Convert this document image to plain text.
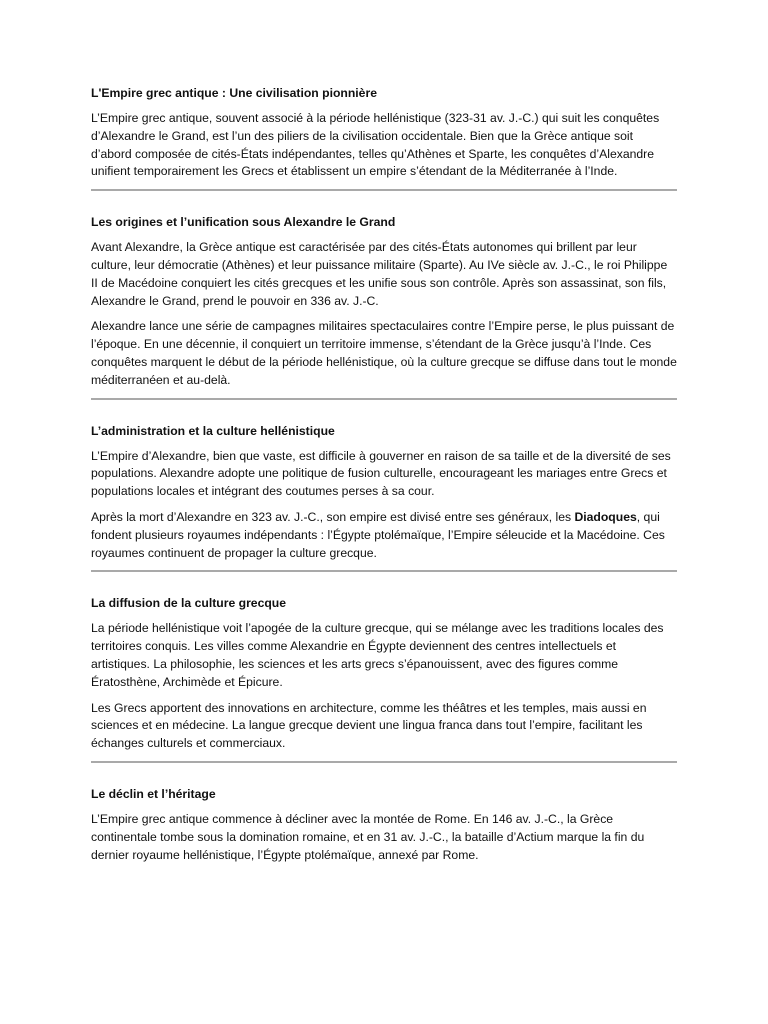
L'Empire grec antique : Une civilisation pionnière

L’Empire grec antique, souvent associé à la période hellénistique (323-31 av. J.-C.) qui suit les conquêtes d’Alexandre le Grand, est l’un des piliers de la civilisation occidentale. Bien que la Grèce antique soit d’abord composée de cités-États indépendantes, telles qu’Athènes et Sparte, les conquêtes d’Alexandre unifient temporairement les Grecs et établissent un empire s’étendant de la Méditerranée à l’Inde.

Les origines et l’unification sous Alexandre le Grand

Avant Alexandre, la Grèce antique est caractérisée par des cités-États autonomes qui brillent par leur culture, leur démocratie (Athènes) et leur puissance militaire (Sparte). Au IVe siècle av. J.-C., le roi Philippe II de Macédoine conquiert les cités grecques et les unifie sous son contrôle. Après son assassinat, son fils, Alexandre le Grand, prend le pouvoir en 336 av. J.-C.

Alexandre lance une série de campagnes militaires spectaculaires contre l’Empire perse, le plus puissant de l’époque. En une décennie, il conquiert un territoire immense, s’étendant de la Grèce jusqu’à l’Inde. Ces conquêtes marquent le début de la période hellénistique, où la culture grecque se diffuse dans tout le monde méditerranéen et au-delà.

L’administration et la culture hellénistique

L’Empire d’Alexandre, bien que vaste, est difficile à gouverner en raison de sa taille et de la diversité de ses populations. Alexandre adopte une politique de fusion culturelle, encourageant les mariages entre Grecs et populations locales et intégrant des coutumes perses à sa cour.

Après la mort d’Alexandre en 323 av. J.-C., son empire est divisé entre ses généraux, les Diadoques, qui fondent plusieurs royaumes indépendants : l’Égypte ptolémaïque, l’Empire séleucide et la Macédoine. Ces royaumes continuent de propager la culture grecque.

La diffusion de la culture grecque

La période hellénistique voit l’apogée de la culture grecque, qui se mélange avec les traditions locales des territoires conquis. Les villes comme Alexandrie en Égypte deviennent des centres intellectuels et artistiques. La philosophie, les sciences et les arts grecs s’épanouissent, avec des figures comme Ératosthène, Archimède et Épicure.

Les Grecs apportent des innovations en architecture, comme les théâtres et les temples, mais aussi en sciences et en médecine. La langue grecque devient une lingua franca dans tout l’empire, facilitant les échanges culturels et commerciaux.

Le déclin et l’héritage

L’Empire grec antique commence à décliner avec la montée de Rome. En 146 av. J.-C., la Grèce continentale tombe sous la domination romaine, et en 31 av. J.-C., la bataille d’Actium marque la fin du dernier royaume hellénistique, l’Égypte ptolémaïque, annexé par Rome.
